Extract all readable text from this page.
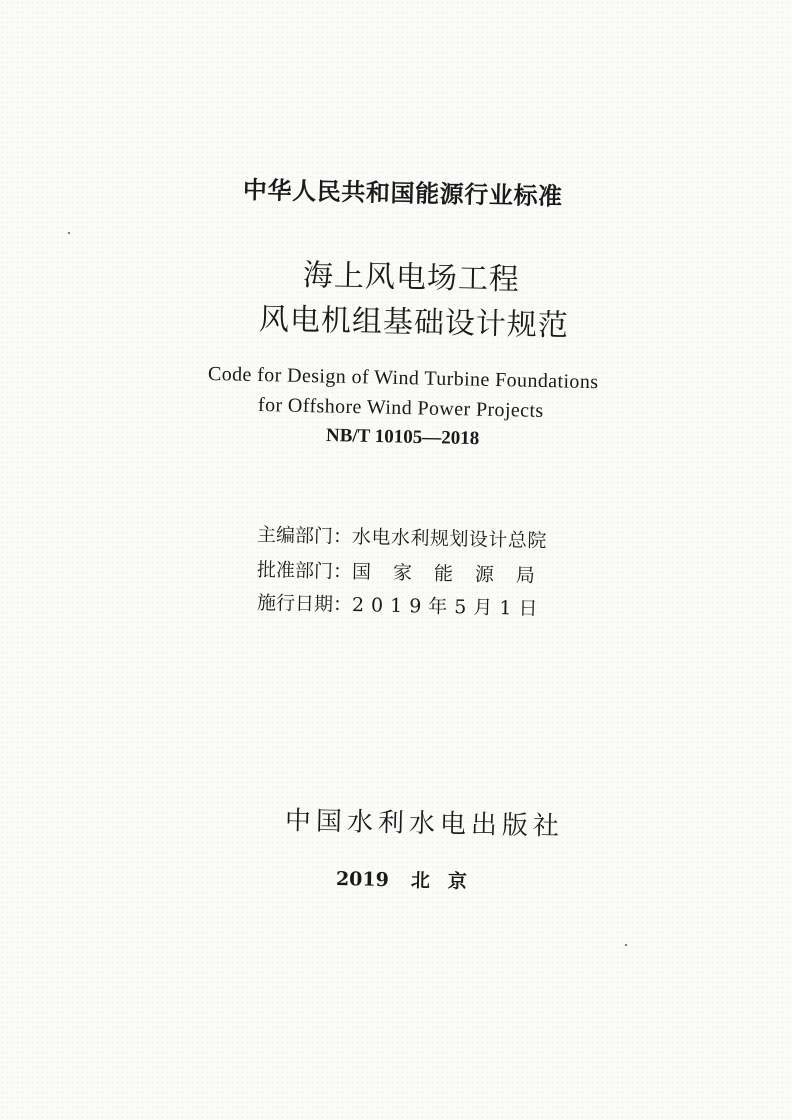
中华人民共和国能源行业标准
海上风电场工程
风电机组基础设计规范
Code for Design of Wind Turbine Foundations
for Offshore Wind Power Projects
NB/T 10105—2018
主编部门：水电水利规划设计总院
批准部门：国家能源局
施行日期：2019年5月1日
中国水利水电出版社
2019 北京
